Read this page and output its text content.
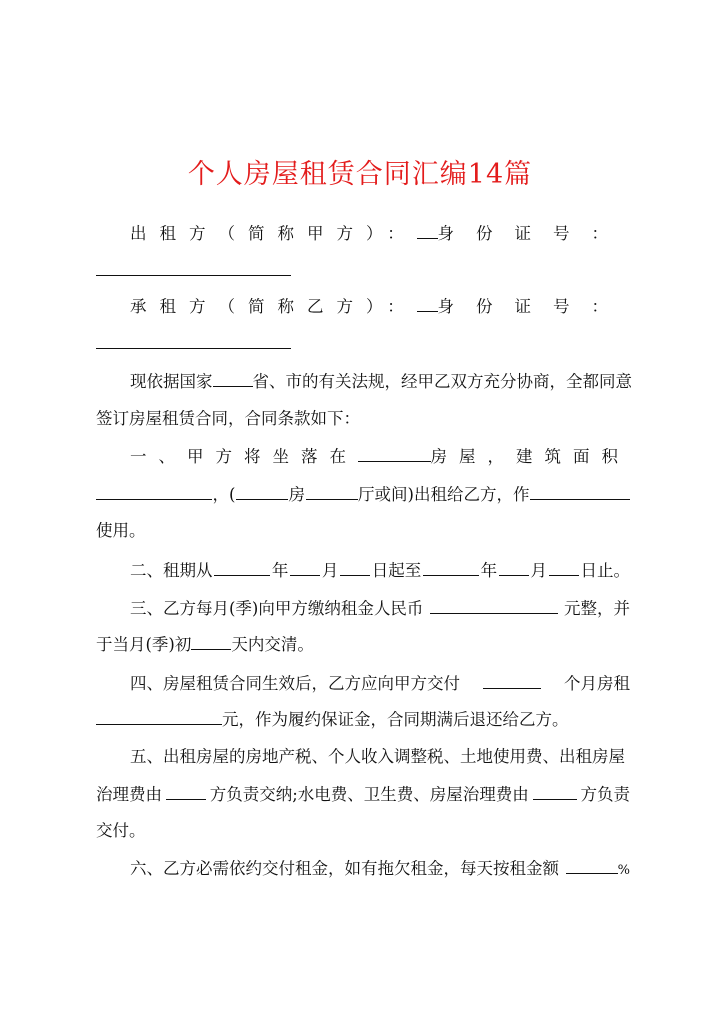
个人房屋租赁合同汇编14篇
出租方（简称甲方）： 身份证号：
承租方（简称乙方）： 身份证号：
现依据国家 省、市的有关法规，经甲乙双方充分协商，全都同意
签订房屋租赁合同，合同条款如下：
一、甲方将坐落在	房屋，建筑面积
，(	房	厅或间)出租给乙方，作
使用。
二、租期从	年 月 日起至	年 月 日止。
三、乙方每月(季)向甲方缴纳租金人民币	元整，并
于当月(季)初 天内交清。
四、房屋租赁合同生效后，乙方应向甲方交付	个月房租
元，作为履约保证金，合同期满后退还给乙方。
五、出租房屋的房地产税、个人收入调整税、土地使用费、出租房屋
治理费由	方负责交纳;水电费、卫生费、房屋治理费由	方负责
交付。
六、乙方必需依约交付租金，如有拖欠租金，每天按租金额	%
